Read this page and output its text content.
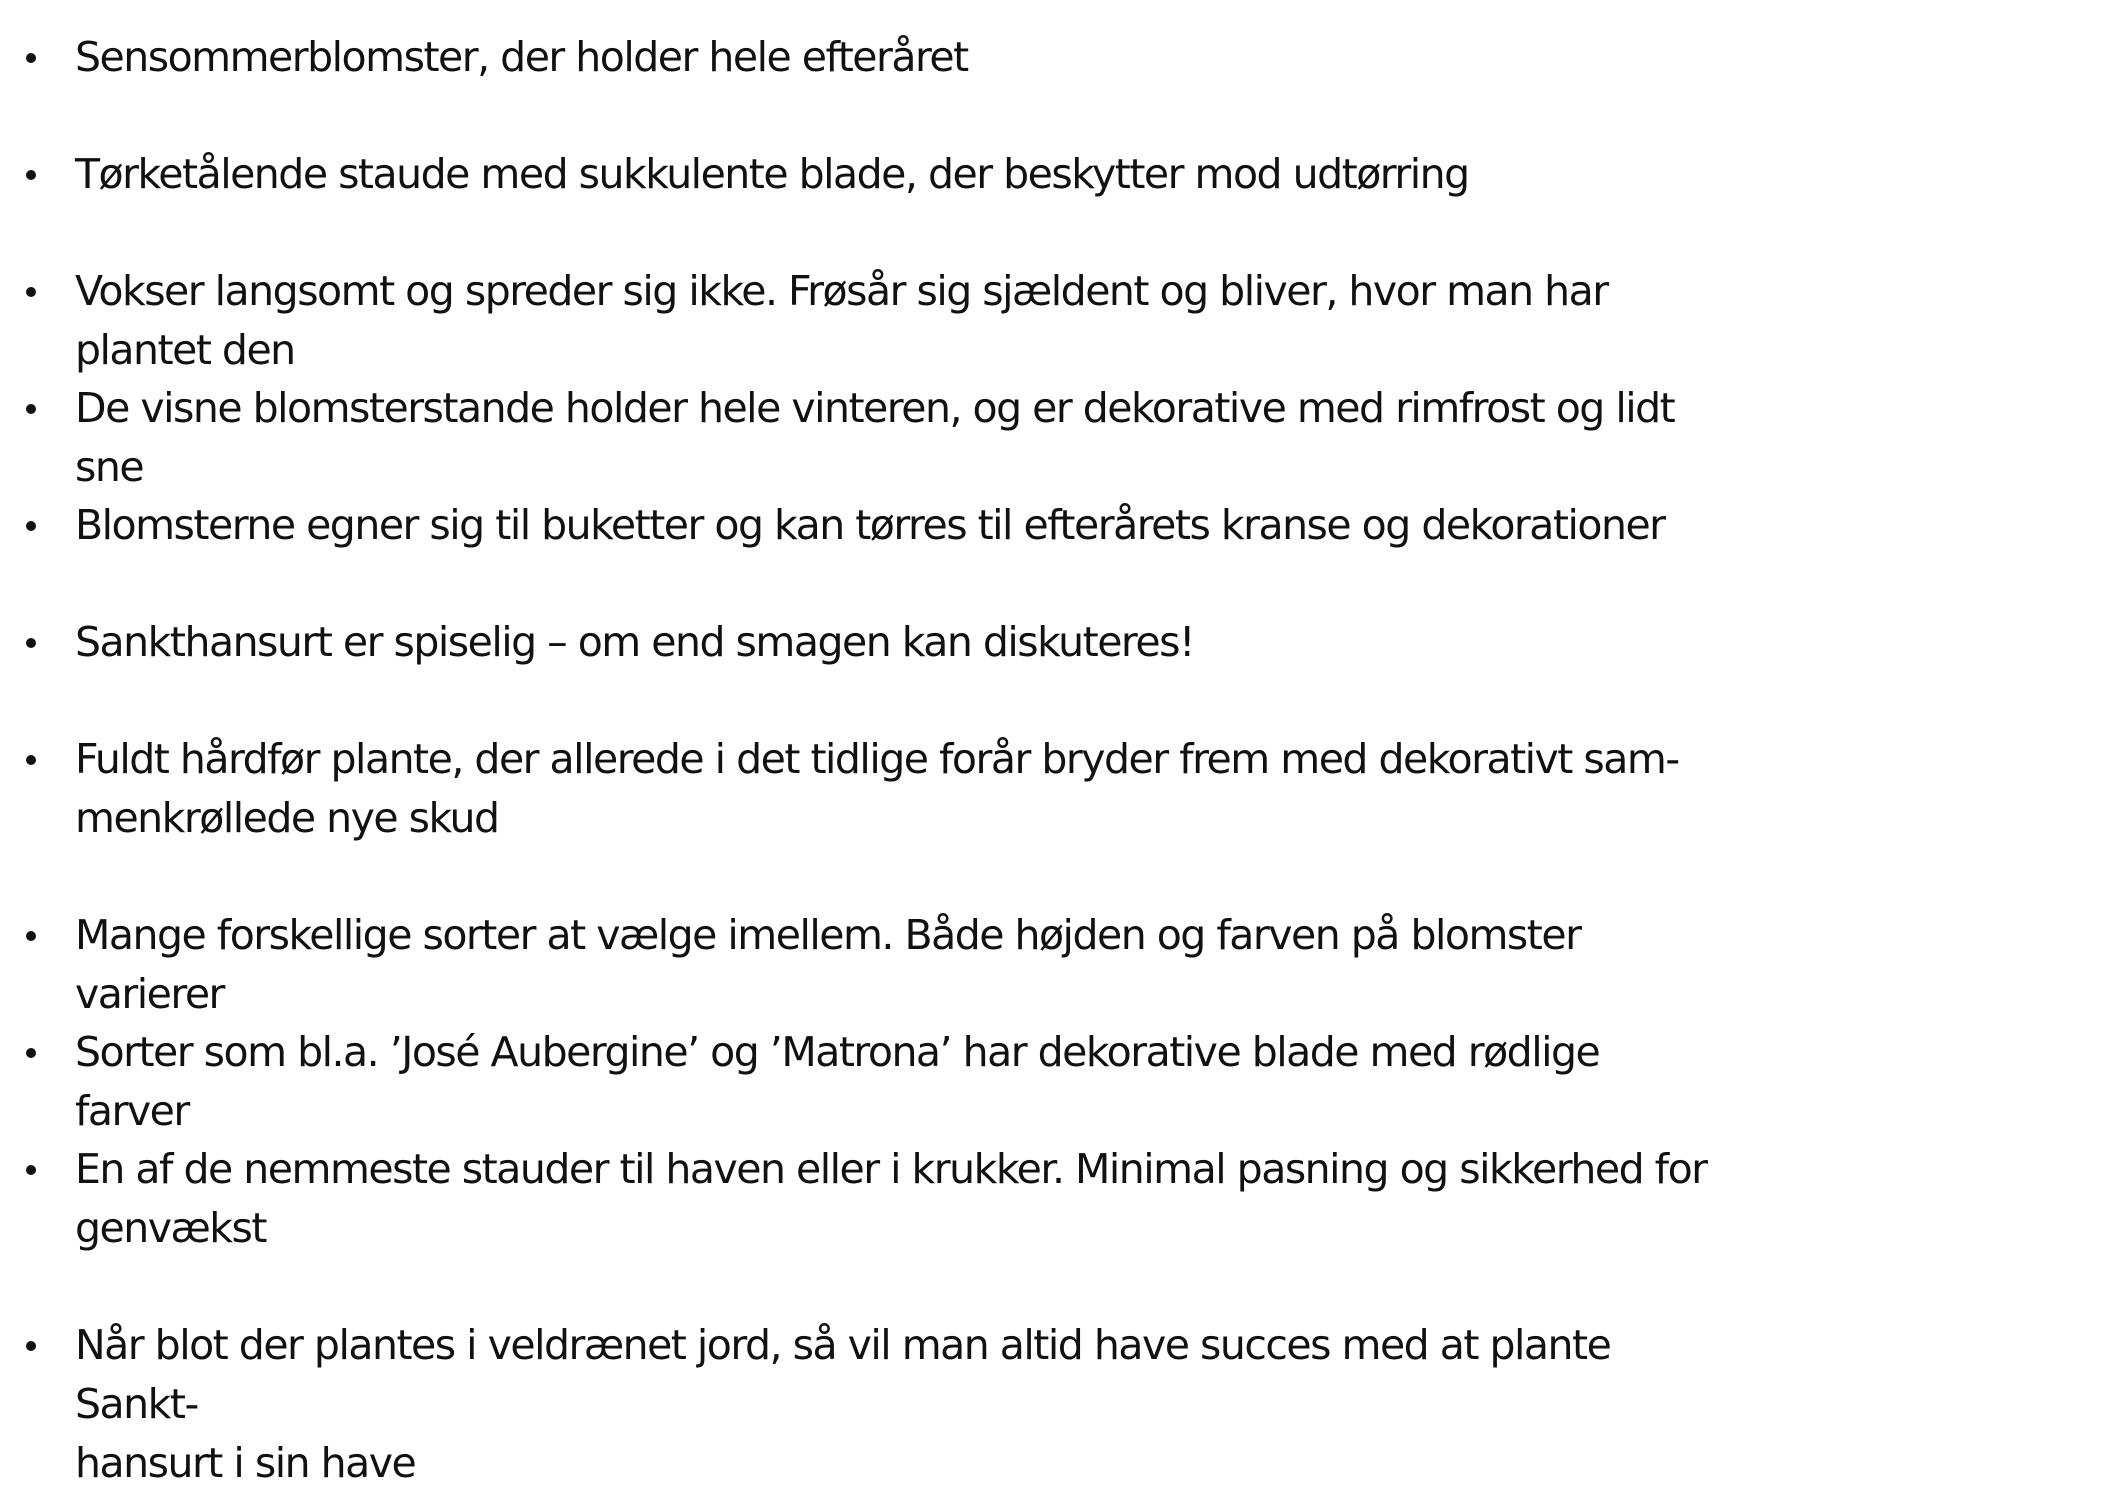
Sensommerblomster, der holder hele efteråret
Tørketålende staude med sukkulente blade, der beskytter mod udtørring
Vokser langsomt og spreder sig ikke. Frøsår sig sjældent og bliver, hvor man har plantet den
De visne blomsterstande holder hele vinteren, og er dekorative med rimfrost og lidt sne
Blomsterne egner sig til buketter og kan tørres til efterårets kranse og dekorationer
Sankthansurt er spiselig – om end smagen kan diskuteres!
Fuldt hårdfør plante, der allerede i det tidlige forår bryder frem med dekorativt sam-
menkrøllede nye skud
Mange forskellige sorter at vælge imellem. Både højden og farven på blomster varierer
Sorter som bl.a. ’José Aubergine’ og ’Matrona’ har dekorative blade med rødlige farver
En af de nemmeste stauder til haven eller i krukker. Minimal pasning og sikkerhed for
genvækst
Når blot der plantes i veldrænet jord, så vil man altid have succes med at plante Sankt-
hansurt i sin have
